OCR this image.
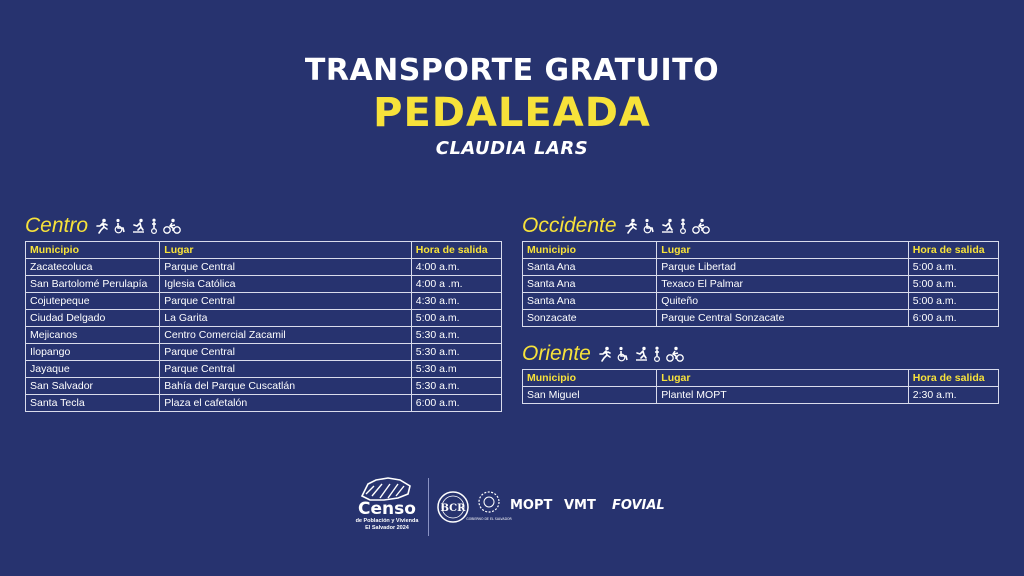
TRANSPORTE GRATUITO
PEDALEADA
CLAUDIA LARS
Centro
Municipio	Lugar	Hora de salida
Zacatecoluca	Parque Central	4:00 a.m.
San Bartolomé Perulapía	Iglesia Católica	4:00 a .m.
Cojutepeque	Parque Central	4:30 a.m.
Ciudad Delgado	La Garita	5:00 a.m.
Mejicanos	Centro Comercial Zacamil	5:30 a.m.
Ilopango	Parque Central	5:30 a.m.
Jayaque	Parque Central	5:30 a.m
San Salvador	Bahía del Parque Cuscatlán	5:30 a.m.
Santa Tecla	Plaza el cafetalón	6:00 a.m.
Occidente
Municipio	Lugar	Hora de salida
Santa Ana	Parque Libertad	5:00 a.m.
Santa Ana	Texaco El Palmar	5:00 a.m.
Santa Ana	Quiteño	5:00 a.m.
Sonzacate	Parque Central Sonzacate	6:00 a.m.
Oriente
Municipio	Lugar	Hora de salida
San Miguel	Plantel MOPT	2:30 a.m.
Censo
de Población y Vivienda
El Salvador 2024
BCR
GOBIERNO DE EL SALVADOR
MOPT VMT FOVIAL
